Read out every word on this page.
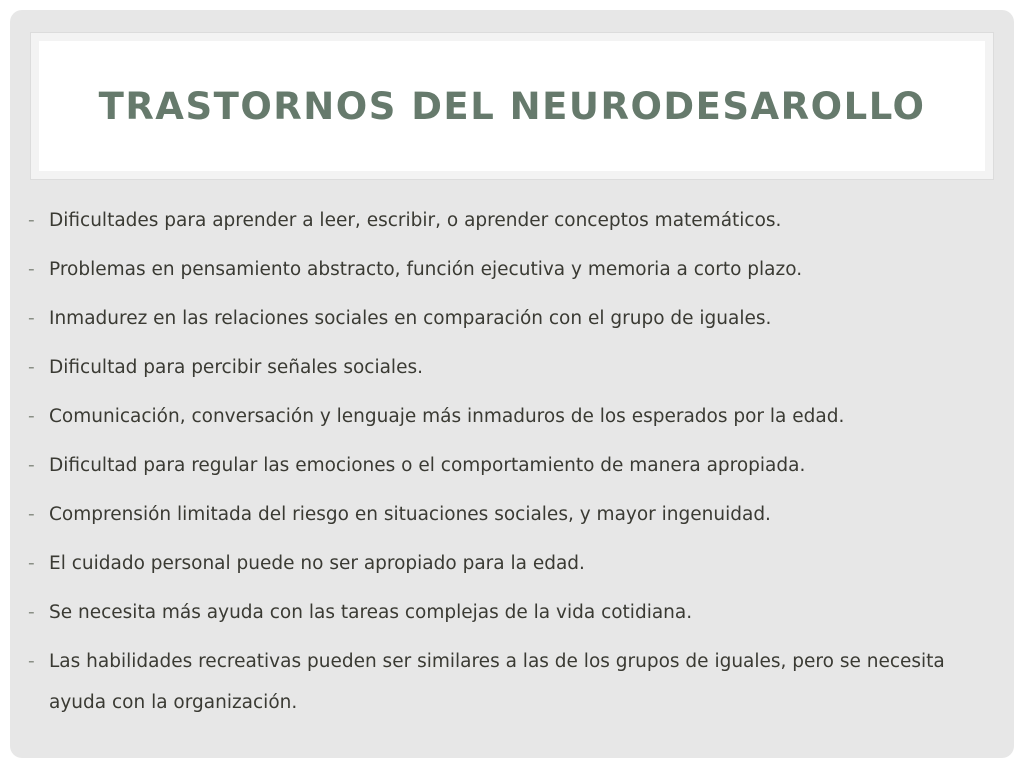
TRASTORNOS DEL NEURODESAROLLO
- Dificultades para aprender a leer, escribir, o aprender conceptos matemáticos.
- Problemas en pensamiento abstracto, función ejecutiva y memoria a corto plazo.
- Inmadurez en las relaciones sociales en comparación con el grupo de iguales.
- Dificultad para percibir señales sociales.
- Comunicación, conversación y lenguaje más inmaduros de los esperados por la edad.
- Dificultad para regular las emociones o el comportamiento de manera apropiada.
- Comprensión limitada del riesgo en situaciones sociales, y mayor ingenuidad.
- El cuidado personal puede no ser apropiado para la edad.
- Se necesita más ayuda con las tareas complejas de la vida cotidiana.
- Las habilidades recreativas pueden ser similares a las de los grupos de iguales, pero se necesita ayuda con la organización.
